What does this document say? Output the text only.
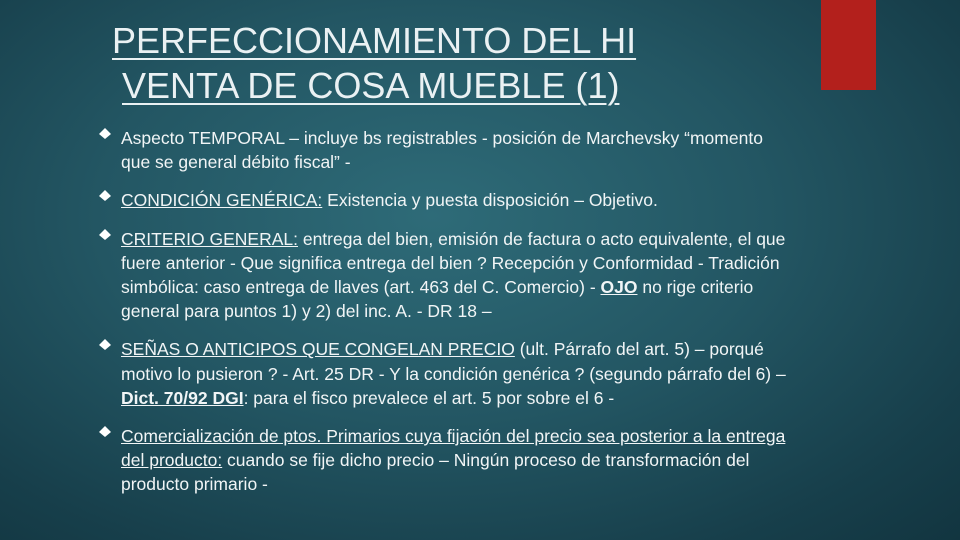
PERFECCIONAMIENTO DEL HI
VENTA DE COSA MUEBLE (1)
Aspecto TEMPORAL – incluye bs registrables - posición de Marchevsky “momento que se general débito fiscal” -
CONDICIÓN GENÉRICA: Existencia y puesta disposición – Objetivo.
CRITERIO GENERAL: entrega del bien, emisión de factura o acto equivalente, el que fuere anterior - Que significa entrega del bien ? Recepción y Conformidad - Tradición simbólica: caso entrega de llaves (art. 463 del C. Comercio) - OJO no rige criterio general para puntos 1) y 2) del inc. A. - DR 18 –
SEÑAS O ANTICIPOS QUE CONGELAN PRECIO (ult. Párrafo del art. 5) – porqué motivo lo pusieron ? - Art. 25 DR - Y la condición genérica ? (segundo párrafo del 6) – Dict. 70/92 DGI: para el fisco prevalece el art. 5 por sobre el 6 -
Comercialización de ptos. Primarios cuya fijación del precio sea posterior a la entrega del producto: cuando se fije dicho precio – Ningún proceso de transformación del producto primario -
